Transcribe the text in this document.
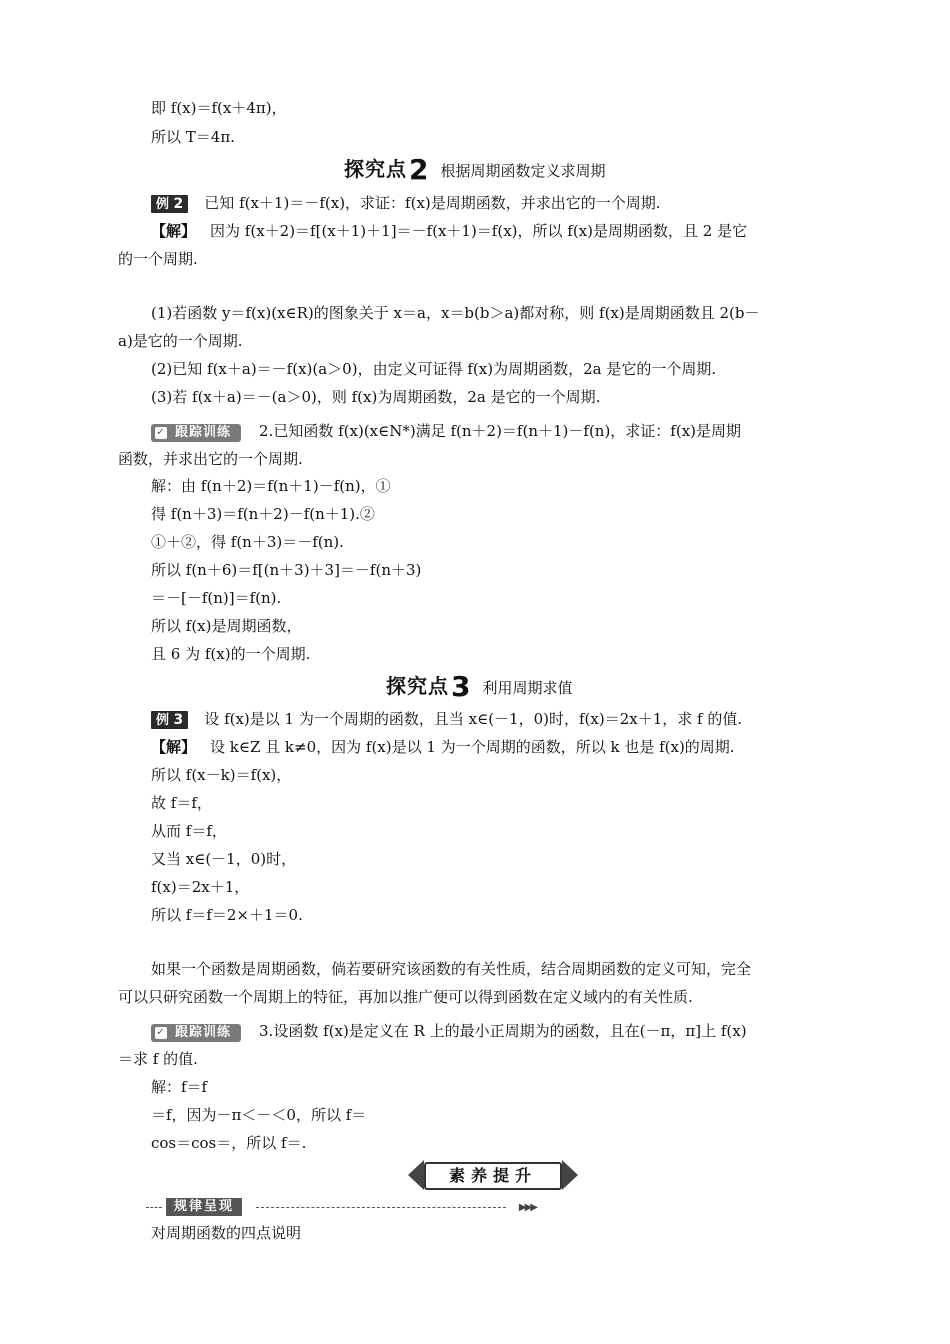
即 f(x)＝f(x＋4π)，
所以 T＝4π.
探究点2 根据周期函数定义求周期
例 2 已知 f(x＋1)＝－f(x)，求证：f(x)是周期函数，并求出它的一个周期.
【解】 因为 f(x＋2)＝f[(x＋1)＋1]＝－f(x＋1)＝f(x)，所以 f(x)是周期函数，且 2 是它
的一个周期.
(1)若函数 y＝f(x)(x∈R)的图象关于 x＝a，x＝b(b＞a)都对称，则 f(x)是周期函数且 2(b－
a)是它的一个周期.
(2)已知 f(x＋a)＝－f(x)(a＞0)，由定义可证得 f(x)为周期函数，2a 是它的一个周期.
(3)若 f(x＋a)＝－(a＞0)，则 f(x)为周期函数，2a 是它的一个周期.
✓ 跟踪训练 2.已知函数 f(x)(x∈N*)满足 f(n＋2)＝f(n＋1)－f(n)，求证：f(x)是周期
函数，并求出它的一个周期.
解：由 f(n＋2)＝f(n＋1)－f(n)，①
得 f(n＋3)＝f(n＋2)－f(n＋1).②
①＋②，得 f(n＋3)＝－f(n).
所以 f(n＋6)＝f[(n＋3)＋3]＝－f(n＋3)
＝－[－f(n)]＝f(n).
所以 f(x)是周期函数，
且 6 为 f(x)的一个周期.
探究点3 利用周期求值
例 3 设 f(x)是以 1 为一个周期的函数，且当 x∈(－1，0)时，f(x)＝2x＋1，求 f 的值.
【解】 设 k∈Z 且 k≠0，因为 f(x)是以 1 为一个周期的函数，所以 k 也是 f(x)的周期.
所以 f(x－k)＝f(x)，
故 f＝f，
从而 f＝f，
又当 x∈(－1，0)时，
f(x)＝2x＋1，
所以 f＝f＝2×＋1＝0.
如果一个函数是周期函数，倘若要研究该函数的有关性质，结合周期函数的定义可知，完全
可以只研究函数一个周期上的特征，再加以推广便可以得到函数在定义域内的有关性质.
✓ 跟踪训练 3.设函数 f(x)是定义在 R 上的最小正周期为的函数，且在(－π，π]上 f(x)
＝求 f 的值.
解：f＝f
＝f，因为－π＜－＜0，所以 f＝
cos＝cos＝，所以 f＝.
素养提升
规律呈现	▶▶▶
对周期函数的四点说明
